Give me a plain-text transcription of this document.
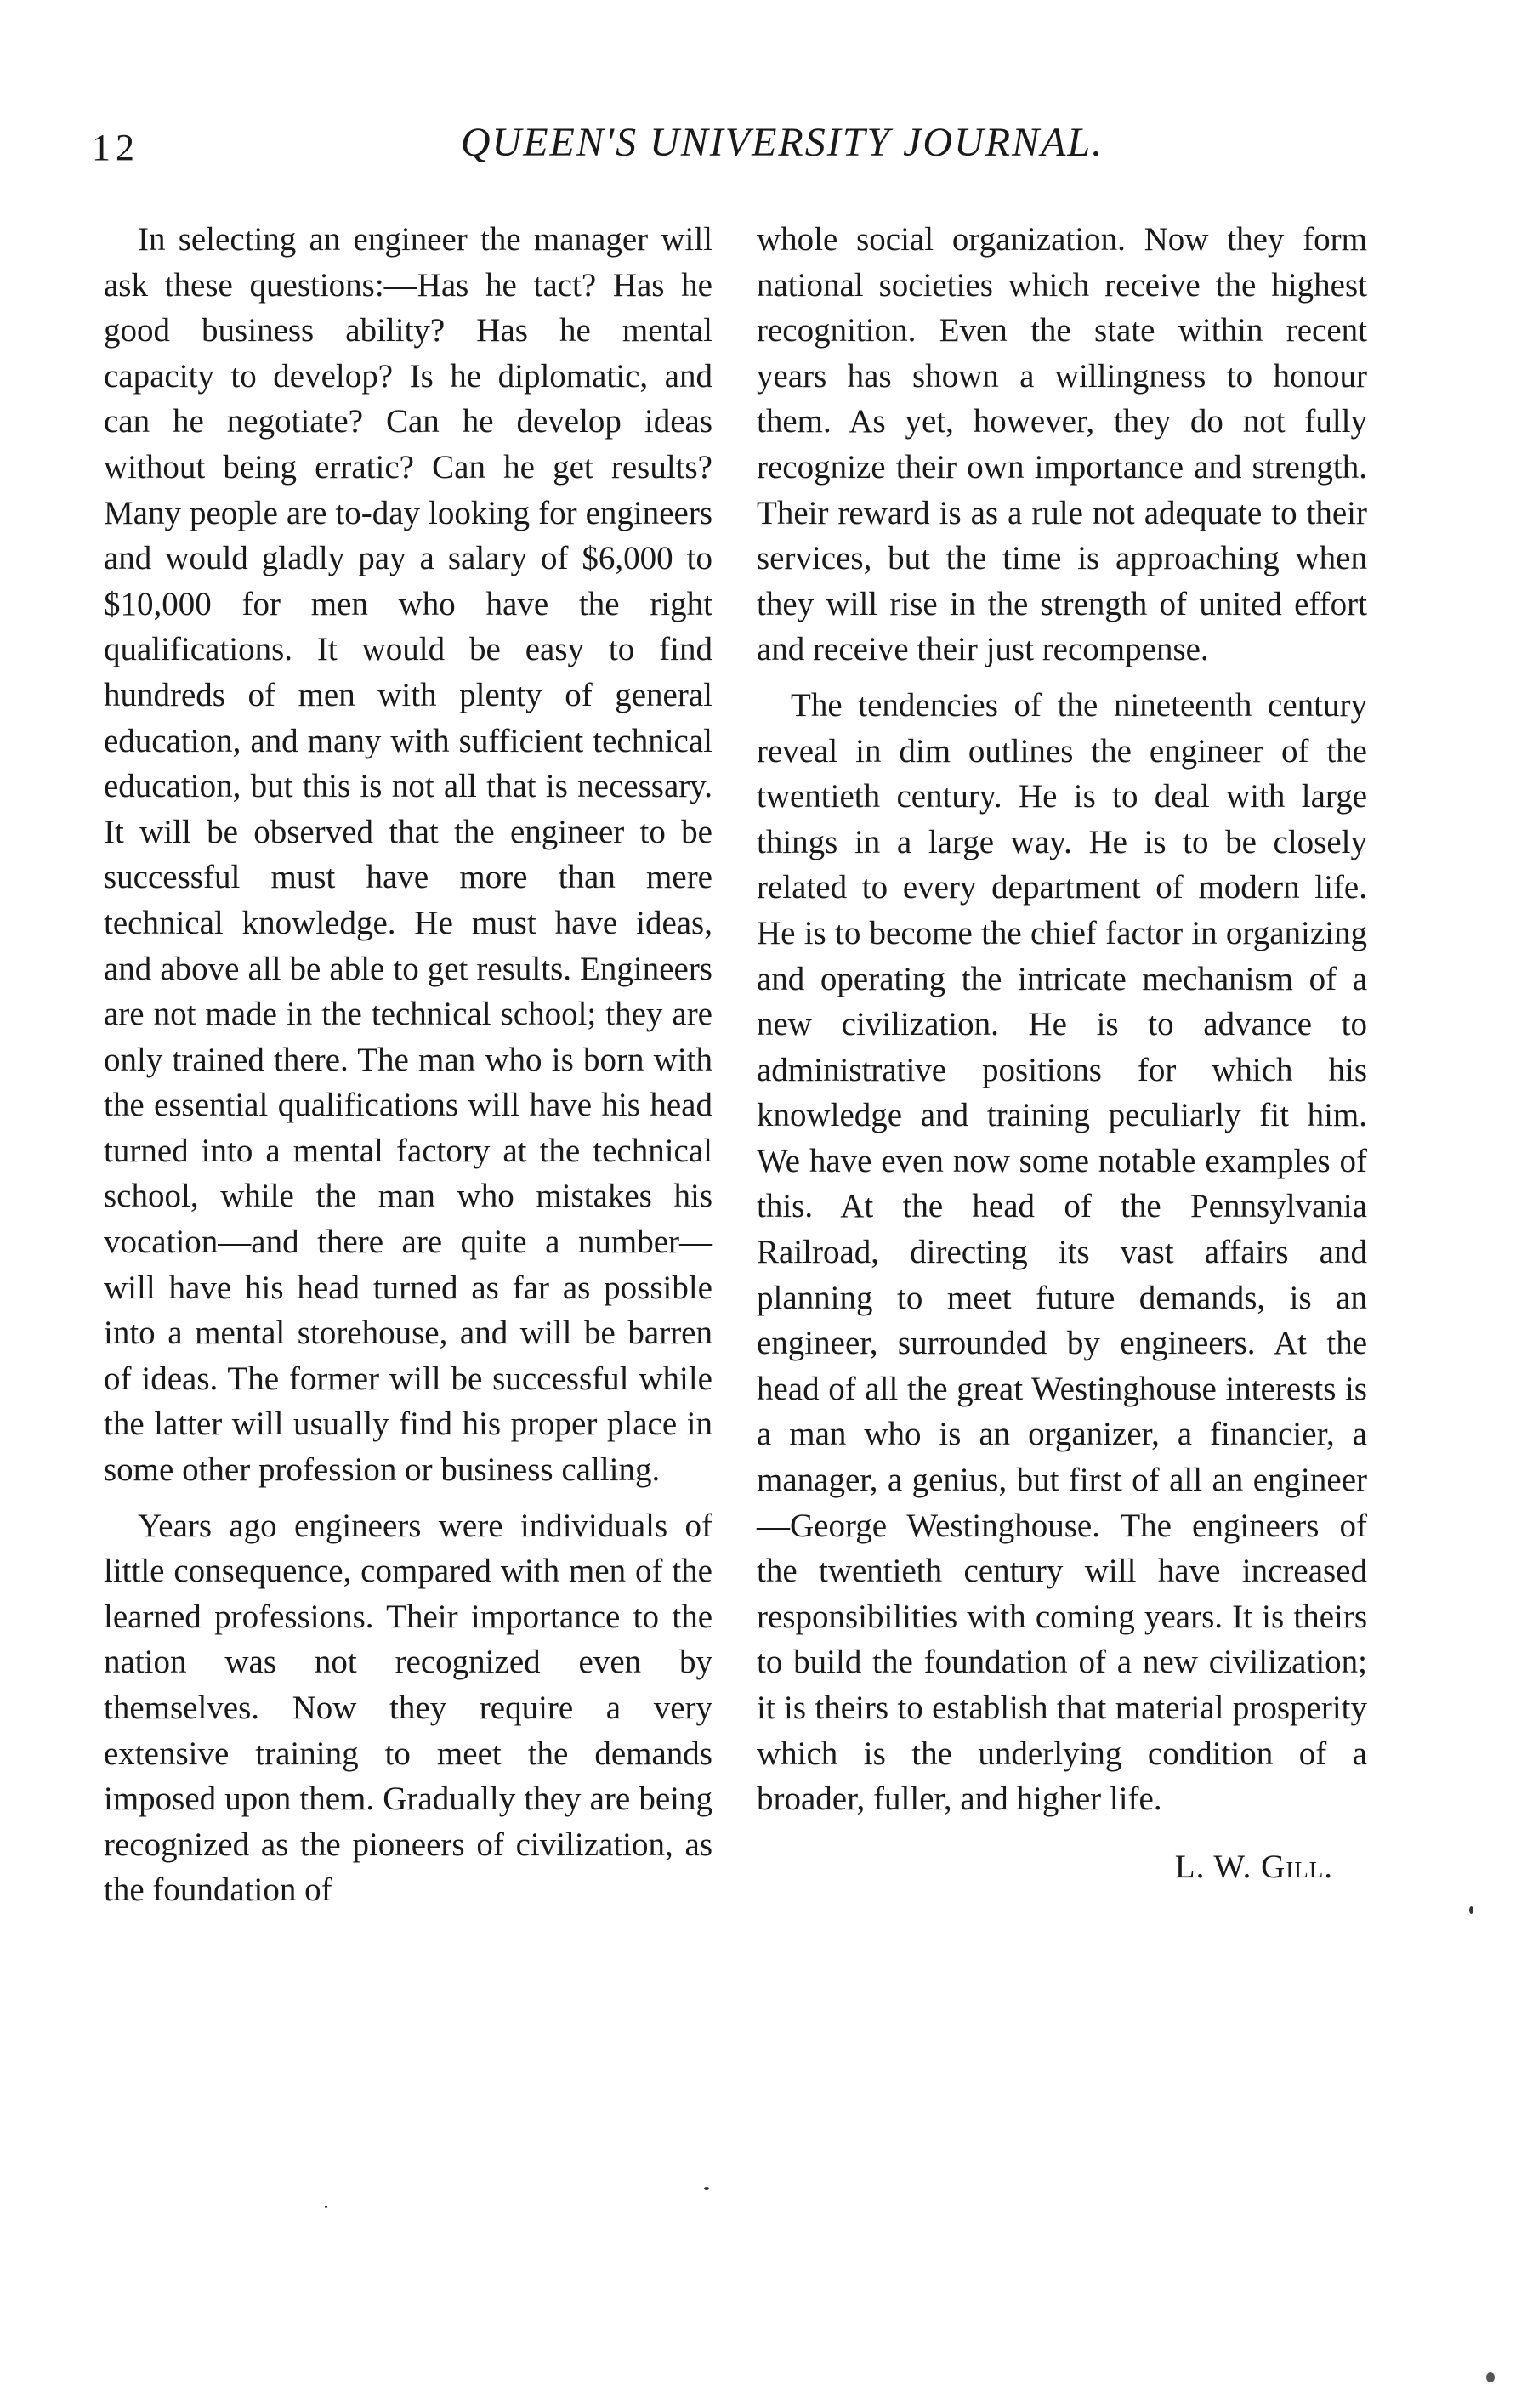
12	QUEEN'S UNIVERSITY JOURNAL.

In selecting an engineer the manager will ask these questions:—Has he tact? Has he good business ability? Has he mental capacity to develop? Is he diplomatic, and can he negotiate? Can he develop ideas without being erratic? Can he get results? Many people are to-day looking for engineers and would gladly pay a salary of $6,000 to $10,000 for men who have the right qualifications. It would be easy to find hundreds of men with plenty of general education, and many with sufficient technical education, but this is not all that is necessary. It will be observed that the engineer to be successful must have more than mere technical knowledge. He must have ideas, and above all be able to get results. Engineers are not made in the technical school; they are only trained there. The man who is born with the essential qualifications will have his head turned into a mental factory at the technical school, while the man who mistakes his vocation—and there are quite a number—will have his head turned as far as possible into a mental storehouse, and will be barren of ideas. The former will be successful while the latter will usually find his proper place in some other profession or business calling.

Years ago engineers were individuals of little consequence, compared with men of the learned professions. Their importance to the nation was not recognized even by themselves. Now they require a very extensive training to meet the demands imposed upon them. Gradually they are being recognized as the pioneers of civilization, as the foundation of

whole social organization. Now they form national societies which receive the highest recognition. Even the state within recent years has shown a willingness to honour them. As yet, however, they do not fully recognize their own importance and strength. Their reward is as a rule not adequate to their services, but the time is approaching when they will rise in the strength of united effort and receive their just recompense.

The tendencies of the nineteenth century reveal in dim outlines the engineer of the twentieth century. He is to deal with large things in a large way. He is to be closely related to every department of modern life. He is to become the chief factor in organizing and operating the intricate mechanism of a new civilization. He is to advance to administrative positions for which his knowledge and training peculiarly fit him. We have even now some notable examples of this. At the head of the Pennsylvania Railroad, directing its vast affairs and planning to meet future demands, is an engineer, surrounded by engineers. At the head of all the great Westinghouse interests is a man who is an organizer, a financier, a manager, a genius, but first of all an engineer—George Westinghouse. The engineers of the twentieth century will have increased responsibilities with coming years. It is theirs to build the foundation of a new civilization; it is theirs to establish that material prosperity which is the underlying condition of a broader, fuller, and higher life.

L. W. Gill.
